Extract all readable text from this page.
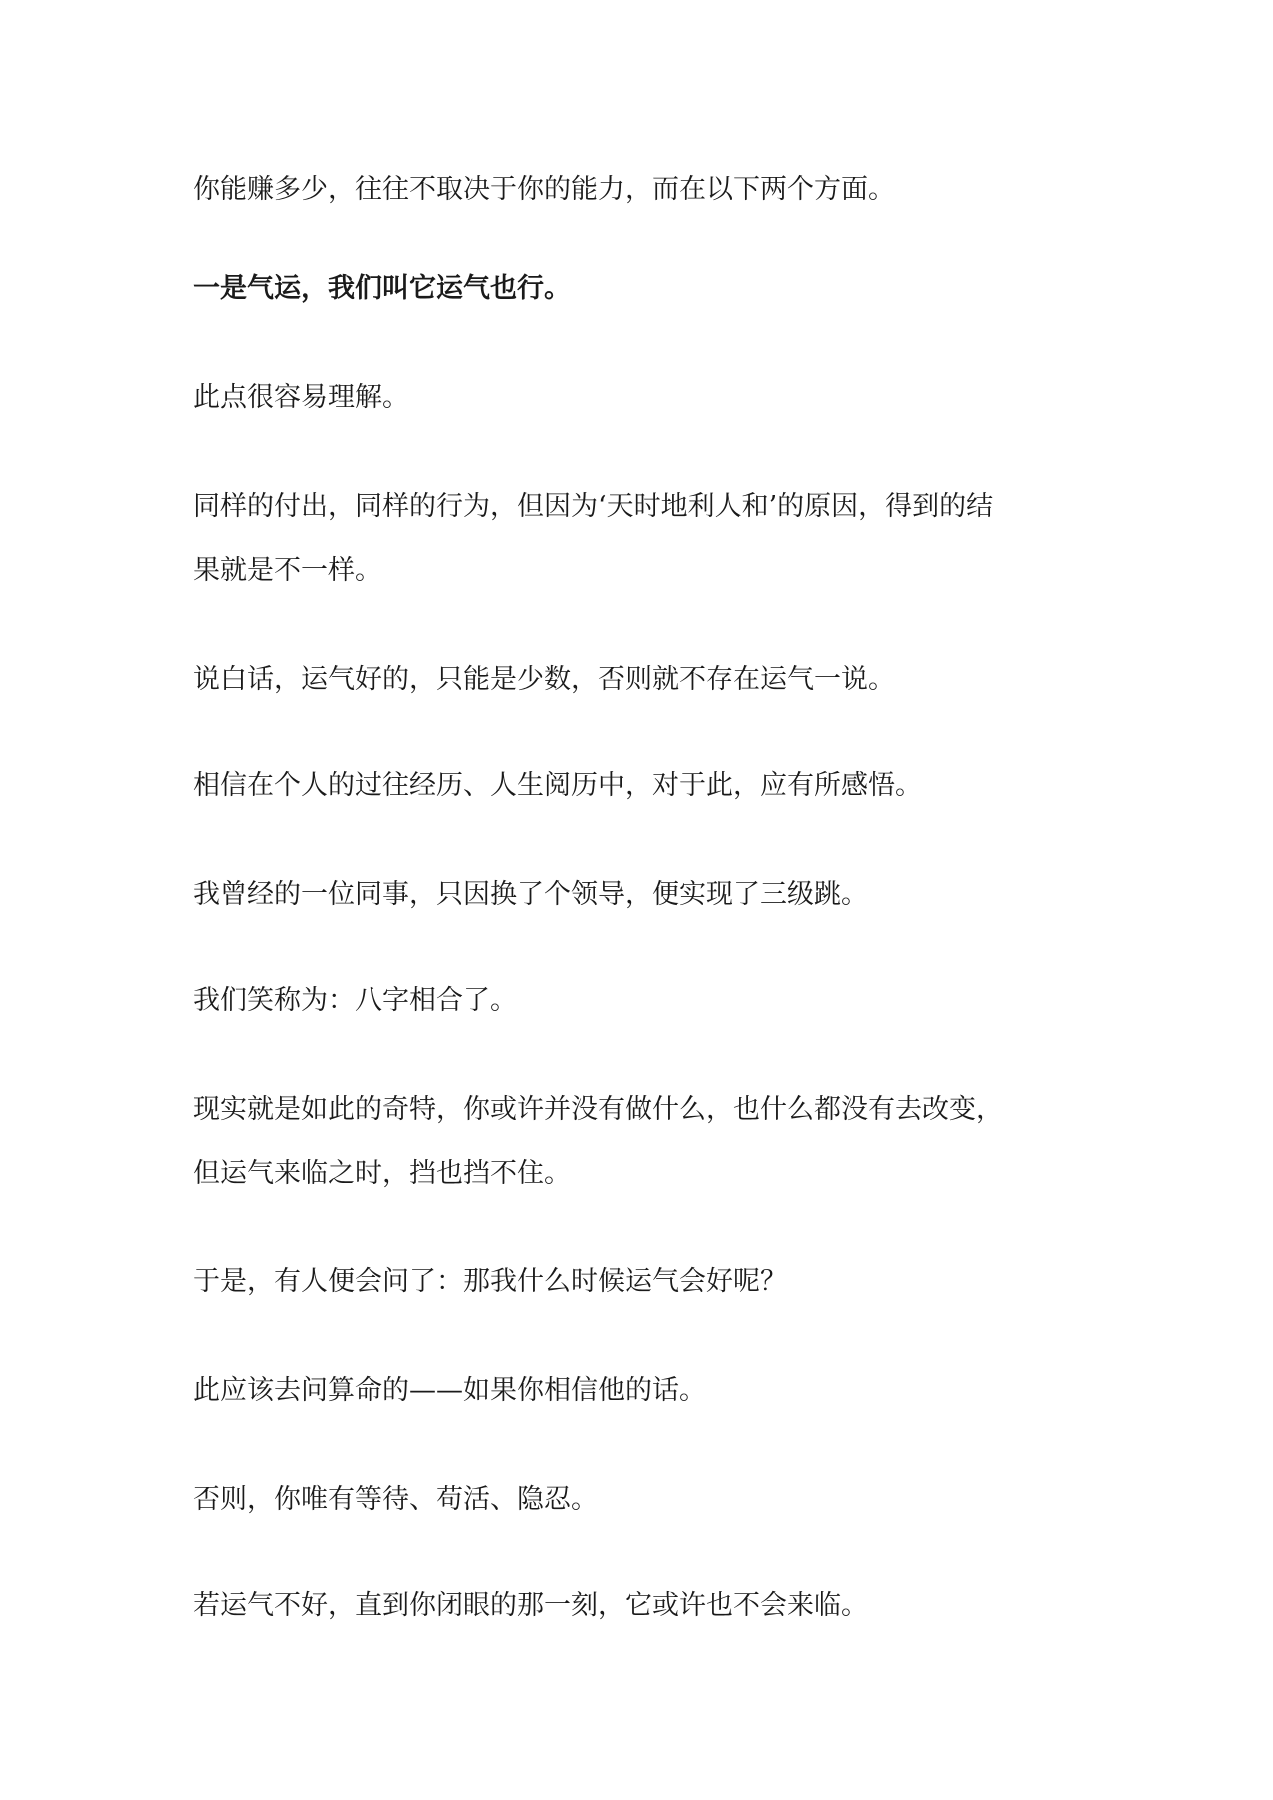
你能赚多少，往往不取决于你的能力，而在以下两个方面。

一是气运，我们叫它运气也行。

此点很容易理解。

同样的付出，同样的行为，但因为‘天时地利人和’的原因，得到的结
果就是不一样。

说白话，运气好的，只能是少数，否则就不存在运气一说。

相信在个人的过往经历、人生阅历中，对于此，应有所感悟。

我曾经的一位同事，只因换了个领导，便实现了三级跳。

我们笑称为：八字相合了。

现实就是如此的奇特，你或许并没有做什么，也什么都没有去改变，
但运气来临之时，挡也挡不住。

于是，有人便会问了：那我什么时候运气会好呢？

此应该去问算命的——如果你相信他的话。

否则，你唯有等待、苟活、隐忍。

若运气不好，直到你闭眼的那一刻，它或许也不会来临。
